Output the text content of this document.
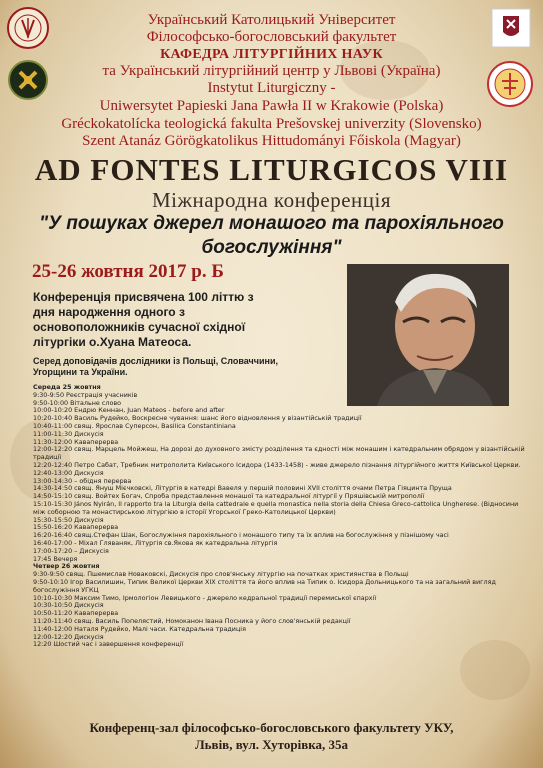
Український Католицький Університет
Філософсько-богословський факультет
КАФЕДРА ЛІТУРГІЙНИХ НАУК
та Український літургійний центр у Львові (Україна)
Instytut Liturgiczny -
Uniwersytet Papieski Jana Pawła II w Krakowie (Polska)
Gréckokatolícka teologická fakulta Prešovskej univerzity (Slovensko)
Szent Atanáz Görögkatolikus Hittudományi Főiskola (Magyar)
AD FONTES LITURGICOS VIII
Міжнародна конференція
"У пошуках джерел монашого та парохіяльного богослужіння"
25-26 жовтня 2017 р. Б
Конференція присвячена 100 літтю з дня народження одного з основоположників сучасної східної літургіки о.Хуана Матеоса.
Серед доповідачів дослідники із Польщі, Словаччини, Угорщини та України.
Середа 25 жовтня
9:30-9:50 Реєстрація учасників
9:50-10:00 Вітальне слово
10:00-10:20 Ендрю Кеннан, Juan Mateos - before and after
10:20-10:40 Василь Рудейко, Воскресне чування: шанс його відновлення у візантійській традиції
10:40-11:00 свящ. Ярослав Суперсон, Basilica Constantiniana
11:00-11:30 Дискусія
11:30-12:00 Каваперерва
12:00-12:20 свящ. Марцель Мойжеш, На дорозі до духовного змісту розділення та єдності між монашим і катедральним обрядом у візантійській традиції
12:20-12:40 Петро Сабат, Требник митрополита Київського Ісидора (1433-1458) - живе джерело пізнання літургійного життя Київської Церкви.
12:40-13:00 Дискусія
13:00-14:30 – обідня перерва
14:30-14:50 свящ. Януш Мієчковскі, Літургія в катедрі Вавеля у першій половині XVII століття очами Петра Гіяцинта Пруща
14:50-15:10 свящ. Войтех Богач, Спроба представлення монашої та катедральної літургії у Пряшівській митрополії
15:10-15:30 János Nyirán, Il rapporto tra la Liturgia della cattedrale e quella monastica nella storia della Chiesa Greco-cattolica Ungherese. (Відносини між соборною та монастирською літургією в історії Угорської Греко-Католицької Церкви)
15:30-15:50 Дискусія
15:50-16:20 Каваперерва
16:20-16:40 свящ.Стефан Шак, Богослужіння парохіяльного і монашого типу та їх вплив на богослужіння у пізнішому часі
16:40-17:00 - Міхал Гляваняк, Літургія св.Якова як катедральна літургія
17:00-17:20 – Дискусія
17:45 Вечеря
Четвер 26 жовтня
9:30-9:50 свящ. Пшемислав Новаковскі, Дискусія про слов'янську літургію на початках християнства в Польщі
9:50-10:10 Ігор Василишин, Типик Великої Церкви XIX століття та його вплив на Типик о. Ісидора Дольницького та на загальний вигляд богослужіння УГКЦ
10:10-10:30 Максим Тимо, Ірмологіон Левицького - джерело кедральної традиції перемиської єпархії
10:30-10:50 Дискусія
10:50-11:20 Каваперерва
11:20-11:40 свящ. Василь Попелястий, Номоканон Івана Посника у його слов'янській редакції
11:40-12:00 Наталя Рудейко, Малі часи. Катедральна традиція
12:00-12:20 Дискусія
12:20 Шостий час і завершення конференції
Конференц-зал філософсько-богословського факультету УКУ,
Львів, вул. Хуторівка, 35а
